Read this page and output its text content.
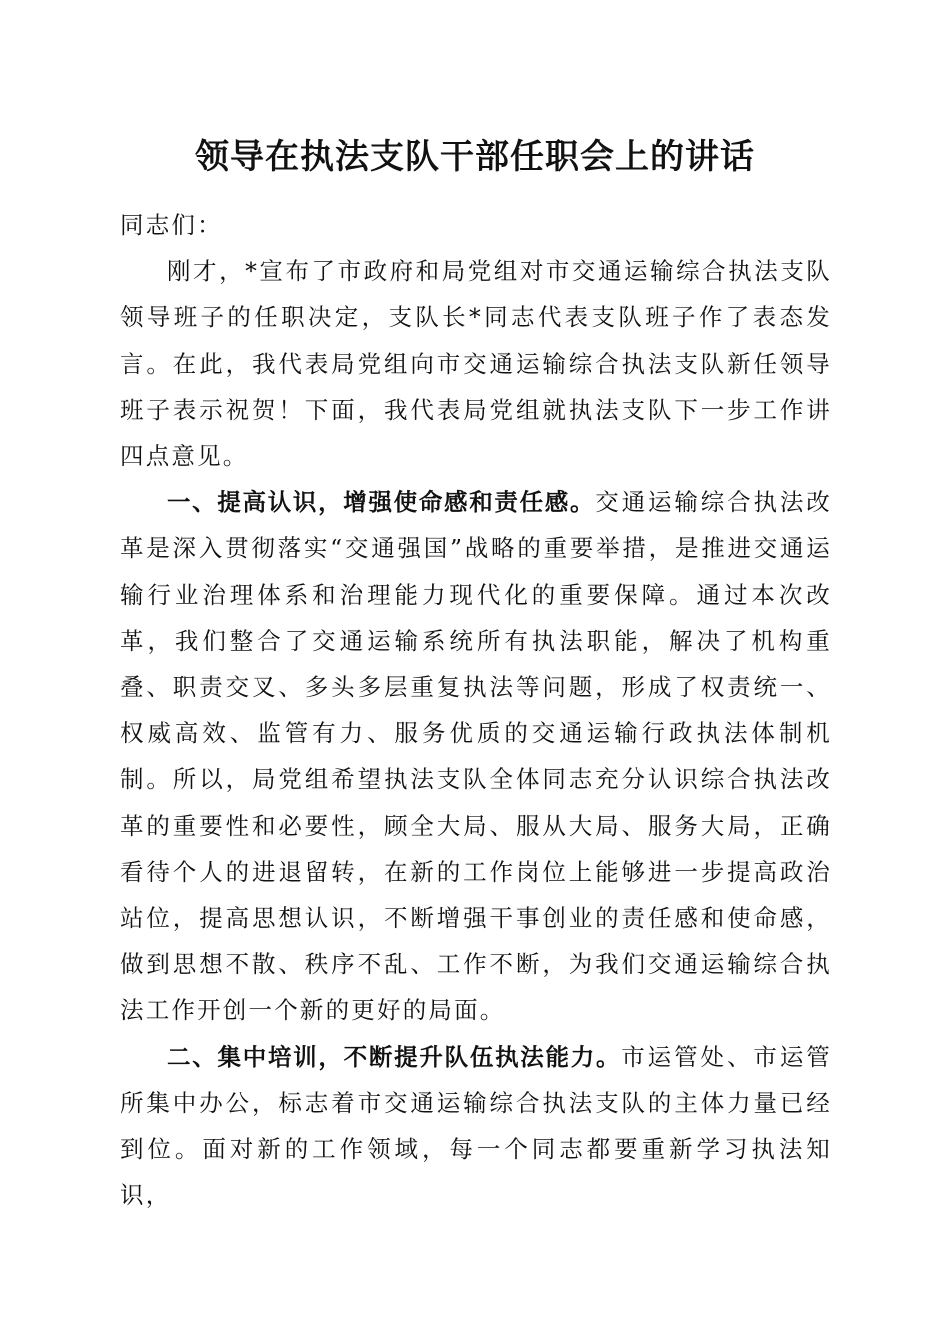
领导在执法支队干部任职会上的讲话

同志们：

刚才，*宣布了市政府和局党组对市交通运输综合执法支队领导班子的任职决定，支队长*同志代表支队班子作了表态发言。在此，我代表局党组向市交通运输综合执法支队新任领导班子表示祝贺！下面，我代表局党组就执法支队下一步工作讲四点意见。

一、提高认识，增强使命感和责任感。交通运输综合执法改革是深入贯彻落实“交通强国”战略的重要举措，是推进交通运输行业治理体系和治理能力现代化的重要保障。通过本次改革，我们整合了交通运输系统所有执法职能，解决了机构重叠、职责交叉、多头多层重复执法等问题，形成了权责统一、权威高效、监管有力、服务优质的交通运输行政执法体制机制。所以，局党组希望执法支队全体同志充分认识综合执法改革的重要性和必要性，顾全大局、服从大局、服务大局，正确看待个人的进退留转，在新的工作岗位上能够进一步提高政治站位，提高思想认识，不断增强干事创业的责任感和使命感，做到思想不散、秩序不乱、工作不断，为我们交通运输综合执法工作开创一个新的更好的局面。

二、集中培训，不断提升队伍执法能力。市运管处、市运管所集中办公，标志着市交通运输综合执法支队的主体力量已经到位。面对新的工作领域，每一个同志都要重新学习执法知识，
